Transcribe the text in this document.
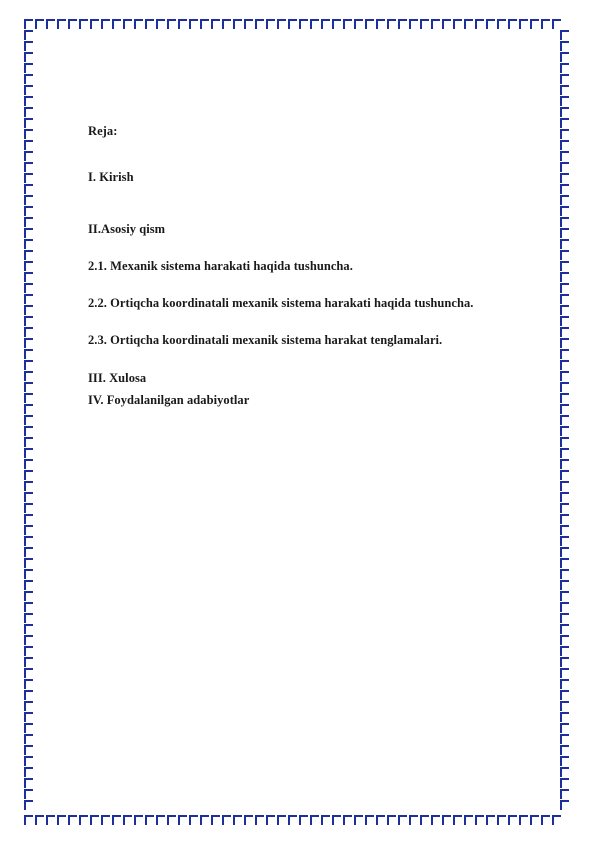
Reja:

I. Kirish

II.Asosiy qism

2.1. Mexanik sistema harakati haqida tushuncha.

2.2. Ortiqcha koordinatali mexanik sistema harakati haqida tushuncha.

2.3. Ortiqcha koordinatali mexanik sistema harakat tenglamalari.

III. Xulosa

IV. Foydalanilgan adabiyotlar
